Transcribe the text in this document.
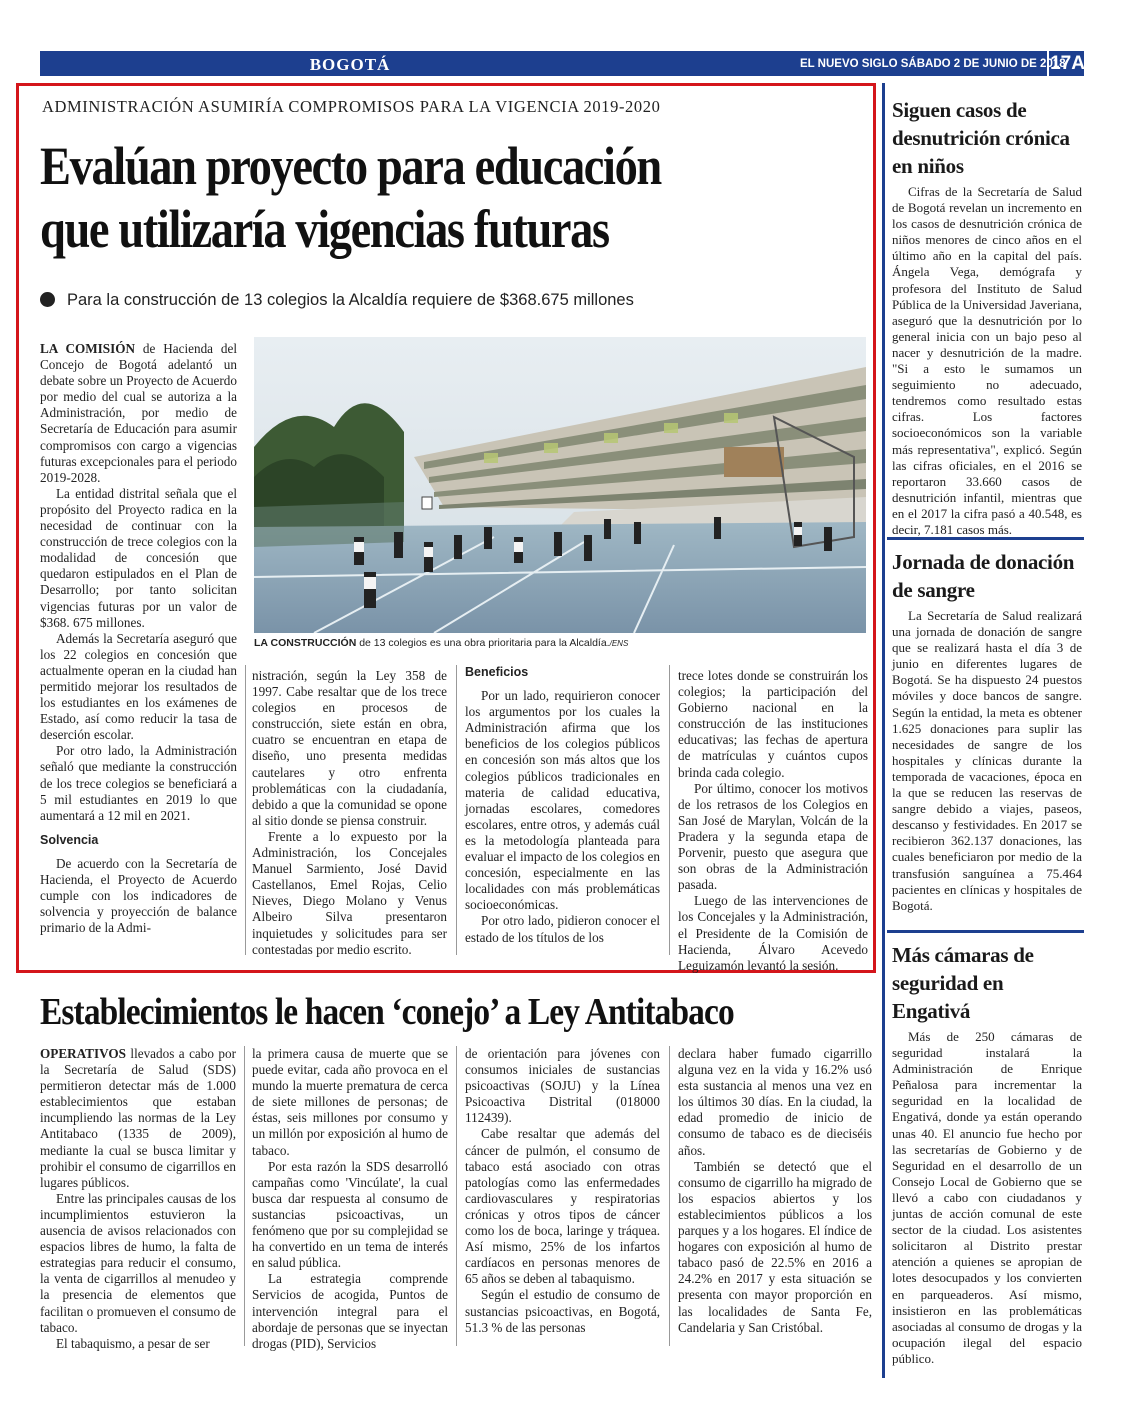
BOGOTÁ	EL NUEVO SIGLO SÁBADO 2 DE JUNIO DE 2018
17A
ADMINISTRACIÓN ASUMIRÍA COMPROMISOS PARA LA VIGENCIA 2019-2020
Evalúan proyecto para educación
que utilizaría vigencias futuras
Para la construcción de 13 colegios la Alcaldía requiere de $368.675 millones
LA CONSTRUCCIÓN de 13 colegios es una obra prioritaria para la Alcaldía./ENS

LA COMISIÓN de Hacienda del Concejo de Bogotá adelantó un debate sobre un Proyecto de Acuerdo por medio del cual se autoriza a la Administración, por medio de Secretaría de Educación para asumir compromisos con cargo a vigencias futuras excepcionales para el periodo 2019-2028.

La entidad distrital señala que el propósito del Proyecto radica en la necesidad de continuar con la construcción de trece colegios con la modalidad de concesión que quedaron estipulados en el Plan de Desarrollo; por tanto solicitan vigencias futuras por un valor de $368. 675 millones.

Además la Secretaría aseguró que los 22 colegios en concesión que actualmente operan en la ciudad han permitido mejorar los resultados de los estudiantes en los exámenes de Estado, así como reducir la tasa de deserción escolar.

Por otro lado, la Administración señaló que mediante la construcción de los trece colegios se beneficiará a 5 mil estudiantes en 2019 lo que aumentará a 12 mil en 2021.

Solvencia

De acuerdo con la Secretaría de Hacienda, el Proyecto de Acuerdo cumple con los indicadores de solvencia y proyección de balance primario de la Admi-

nistración, según la Ley 358 de 1997. Cabe resaltar que de los trece colegios en procesos de construcción, siete están en obra, cuatro se encuentran en etapa de diseño, uno presenta medidas cautelares y otro enfrenta problemáticas con la ciudadanía, debido a que la comunidad se opone al sitio donde se piensa construir.

Frente a lo expuesto por la Administración, los Concejales Manuel Sarmiento, José David Castellanos, Emel Rojas, Celio Nieves, Diego Molano y Venus Albeiro Silva presentaron inquietudes y solicitudes para ser contestadas por medio escrito.

Beneficios

Por un lado, requirieron conocer los argumentos por los cuales la Administración afirma que los beneficios de los colegios públicos en concesión son más altos que los colegios públicos tradicionales en materia de calidad educativa, jornadas escolares, comedores escolares, entre otros, y además cuál es la metodología planteada para evaluar el impacto de los colegios en concesión, especialmente en las localidades con más problemáticas socioeconómicas.

Por otro lado, pidieron conocer el estado de los títulos de los

trece lotes donde se construirán los colegios; la participación del Gobierno nacional en la construcción de las instituciones educativas; las fechas de apertura de matrículas y cuántos cupos brinda cada colegio.

Por último, conocer los motivos de los retrasos de los Colegios en San José de Marylan, Volcán de la Pradera y la segunda etapa de Porvenir, puesto que asegura que son obras de la Administración pasada.

Luego de las intervenciones de los Concejales y la Administración, el Presidente de la Comisión de Hacienda, Álvaro Acevedo Leguizamón levantó la sesión.

Siguen casos de desnutrición crónica en niños

Cifras de la Secretaría de Salud de Bogotá revelan un incremento en los casos de desnutrición crónica de niños menores de cinco años en el último año en la capital del país. Ángela Vega, demógrafa y profesora del Instituto de Salud Pública de la Universidad Javeriana, aseguró que la desnutrición por lo general inicia con un bajo peso al nacer y desnutrición de la madre. "Si a esto le sumamos un seguimiento no adecuado, tendremos como resultado estas cifras. Los factores socioeconómicos son la variable más representativa", explicó. Según las cifras oficiales, en el 2016 se reportaron 33.660 casos de desnutrición infantil, mientras que en el 2017 la cifra pasó a 40.548, es decir, 7.181 casos más.

Jornada de donación de sangre

La Secretaría de Salud realizará una jornada de donación de sangre que se realizará hasta el día 3 de junio en diferentes lugares de Bogotá. Se ha dispuesto 24 puestos móviles y doce bancos de sangre. Según la entidad, la meta es obtener 1.625 donaciones para suplir las necesidades de sangre de los hospitales y clínicas durante la temporada de vacaciones, época en la que se reducen las reservas de sangre debido a viajes, paseos, descanso y festividades. En 2017 se recibieron 362.137 donaciones, las cuales beneficiaron por medio de la transfusión sanguínea a 75.464 pacientes en clínicas y hospitales de Bogotá.

Más cámaras de seguridad en Engativá

Más de 250 cámaras de seguridad instalará la Administración de Enrique Peñalosa para incrementar la seguridad en la localidad de Engativá, donde ya están operando unas 40. El anuncio fue hecho por las secretarías de Gobierno y de Seguridad en el desarrollo de un Consejo Local de Gobierno que se llevó a cabo con ciudadanos y juntas de acción comunal de este sector de la ciudad. Los asistentes solicitaron al Distrito prestar atención a quienes se apropian de lotes desocupados y los convierten en parqueaderos. Así mismo, insistieron en las problemáticas asociadas al consumo de drogas y la ocupación ilegal del espacio público.

Establecimientos le hacen ‘conejo’ a Ley Antitabaco

OPERATIVOS llevados a cabo por la Secretaría de Salud (SDS) permitieron detectar más de 1.000 establecimientos que estaban incumpliendo las normas de la Ley Antitabaco (1335 de 2009), mediante la cual se busca limitar y prohibir el consumo de cigarrillos en lugares públicos.

Entre las principales causas de los incumplimientos estuvieron la ausencia de avisos relacionados con espacios libres de humo, la falta de estrategias para reducir el consumo, la venta de cigarrillos al menudeo y la presencia de elementos que facilitan o promueven el consumo de tabaco.

El tabaquismo, a pesar de ser

la primera causa de muerte que se puede evitar, cada año provoca en el mundo la muerte prematura de cerca de siete millones de personas; de éstas, seis millones por consumo y un millón por exposición al humo de tabaco.

Por esta razón la SDS desarrolló campañas como 'Vincúlate', la cual busca dar respuesta al consumo de sustancias psicoactivas, un fenómeno que por su complejidad se ha convertido en un tema de interés en salud pública.

La estrategia comprende Servicios de acogida, Puntos de intervención integral para el abordaje de personas que se inyectan drogas (PID), Servicios

de orientación para jóvenes con consumos iniciales de sustancias psicoactivas (SOJU) y la Línea Psicoactiva Distrital (018000 112439).

Cabe resaltar que además del cáncer de pulmón, el consumo de tabaco está asociado con otras patologías como las enfermedades cardiovasculares y respiratorias crónicas y otros tipos de cáncer como los de boca, laringe y tráquea. Así mismo, 25% de los infartos cardíacos en personas menores de 65 años se deben al tabaquismo.

Según el estudio de consumo de sustancias psicoactivas, en Bogotá, 51.3 % de las personas

declara haber fumado cigarrillo alguna vez en la vida y 16.2% usó esta sustancia al menos una vez en los últimos 30 días. En la ciudad, la edad promedio de inicio de consumo de tabaco es de dieciséis años.

También se detectó que el consumo de cigarrillo ha migrado de los espacios abiertos y los establecimientos públicos a los parques y a los hogares. El índice de hogares con exposición al humo de tabaco pasó de 22.5% en 2016 a 24.2% en 2017 y esta situación se presenta con mayor proporción en las localidades de Santa Fe, Candelaria y San Cristóbal.
